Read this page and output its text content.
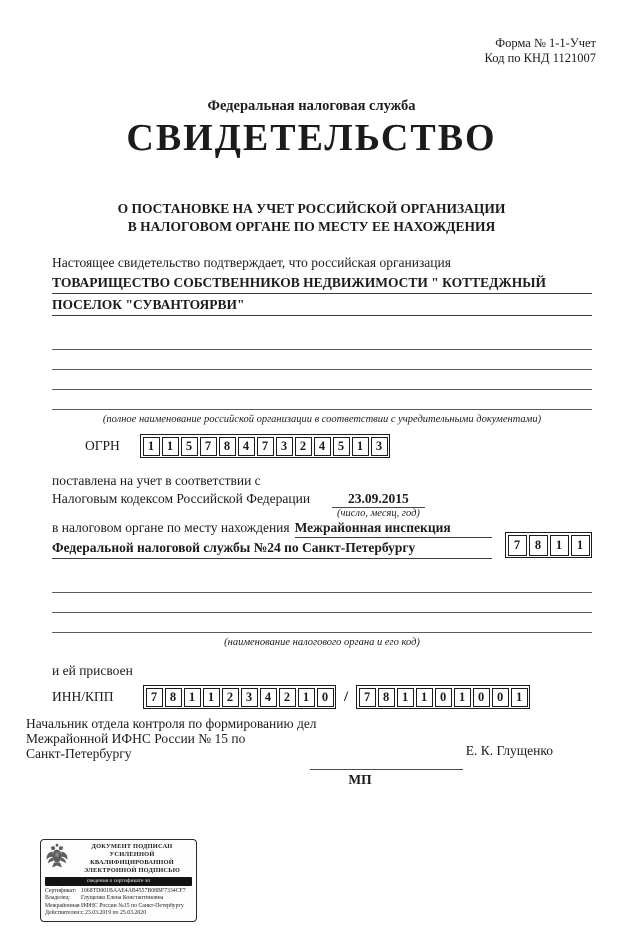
Форма № 1-1-Учет
Код по КНД 1121007
Федеральная налоговая служба
СВИДЕТЕЛЬСТВО
О ПОСТАНОВКЕ НА УЧЕТ РОССИЙСКОЙ ОРГАНИЗАЦИИ
В НАЛОГОВОМ ОРГАНЕ ПО МЕСТУ ЕЕ НАХОЖДЕНИЯ
Настоящее свидетельство подтверждает, что российская организация
ТОВАРИЩЕСТВО СОБСТВЕННИКОВ НЕДВИЖИМОСТИ " КОТТЕДЖНЫЙ
ПОСЕЛОК "СУВАНТОЯРВИ"
(полное наименование российской организации в соответствии с учредительными документами)
ОГРН	1	1	5	7	8	4	7	3	2	4	5	1	3
поставлена на учет в соответствии с
Налоговым кодексом Российской Федерации	23.09.2015
(число, месяц, год)
в налоговом органе по месту нахождения Межрайонная инспекция
Федеральной налоговой службы №24 по Санкт-Петербургу	7	8	1	1
(наименование налогового органа и его код)
и ей присвоен
ИНН/КПП	7	8	1	1	2	3	4	2	1	0	/	7	8	1	1	0	1	0	0	1
Начальник отдела контроля по формированию дел
Межрайонной ИФНС России № 15 по
Санкт-Петербургу	Е. К. Глущенко
МП
ДОКУМЕНТ ПОДПИСАН
УСИЛЕННОЙ КВАЛИФИЦИРОВАННОЙ
ЭЛЕКТРОННОЙ ПОДПИСЬЮ
сведения о сертификате эп
Сертификат: 1068TD001BAAE4AB4557B08BF7334CF7
Владелец:	Глущенко Елена Константиновна
Межрайонная ИФНС России №15 по Санкт-Петербургу
Действителен: с 23.03.2019 по 25.03.2020
